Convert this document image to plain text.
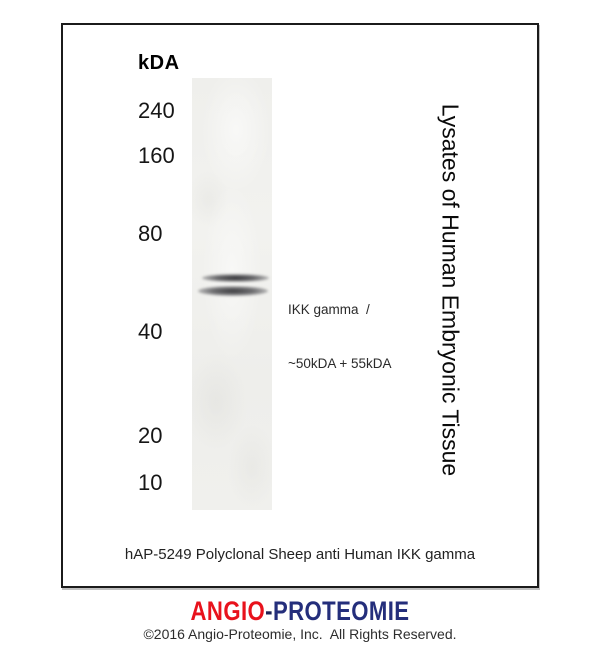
kDA
240
160
80
40
20
10

IKK gamma  /

~50kDA + 55kDA

Lysates of Human Embryonic Tissue
hAP-5249 Polyclonal Sheep anti Human IKK gamma
ANGIO-PROTEOMIE
©2016 Angio-Proteomie, Inc.  All Rights Reserved.
